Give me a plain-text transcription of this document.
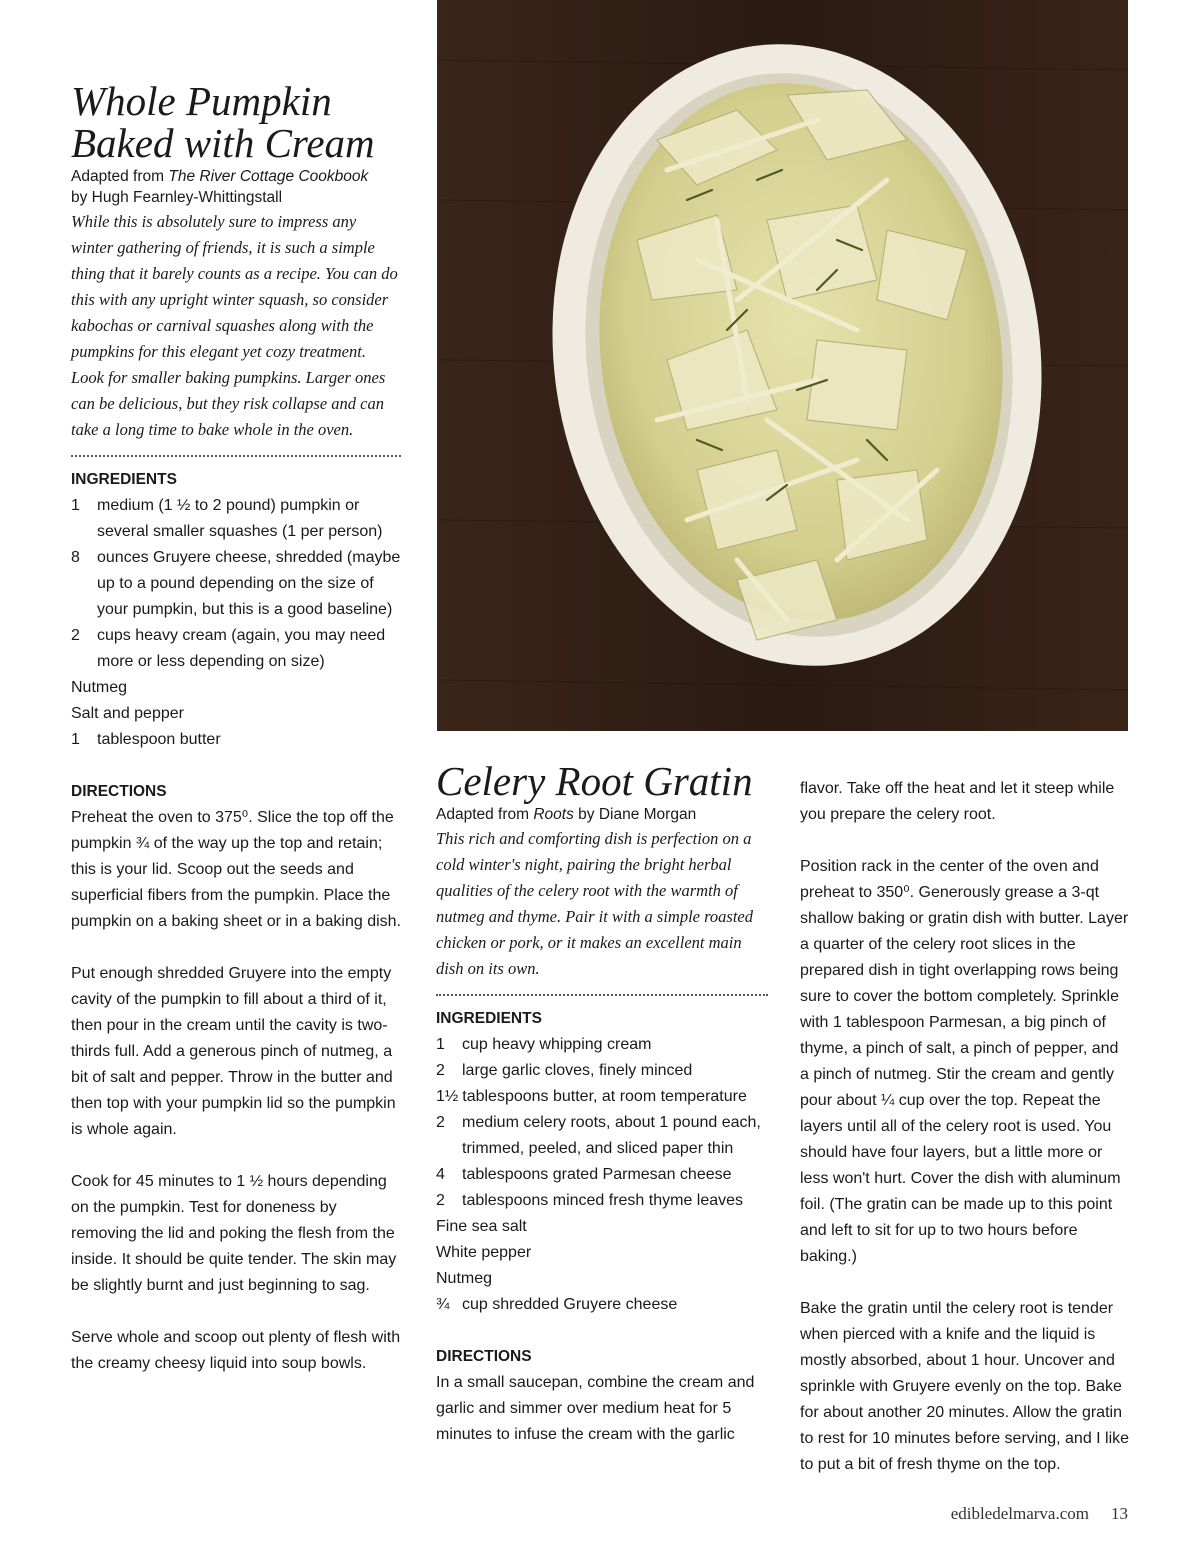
Whole Pumpkin
Baked with Cream
Adapted from The River Cottage Cookbook
by Hugh Fearnley-Whittingstall

While this is absolutely sure to impress any winter gathering of friends, it is such a simple thing that it barely counts as a recipe. You can do this with any upright winter squash, so consider kabochas or carnival squashes along with the pumpkins for this elegant yet cozy treatment. Look for smaller baking pumpkins. Larger ones can be delicious, but they risk collapse and can take a long time to bake whole in the oven.

INGREDIENTS

1	medium (1 ½ to 2 pound) pumpkin or several smaller squashes (1 per person)
8	ounces Gruyere cheese, shredded (maybe up to a pound depending on the size of your pumpkin, but this is a good baseline)
2	cups heavy cream (again, you may need more or less depending on size)
Nutmeg
Salt and pepper
1	tablespoon butter

DIRECTIONS

Preheat the oven to 375⁰. Slice the top off the pumpkin ¾ of the way up the top and retain; this is your lid. Scoop out the seeds and superficial fibers from the pumpkin. Place the pumpkin on a baking sheet or in a baking dish.

Put enough shredded Gruyere into the empty cavity of the pumpkin to fill about a third of it, then pour in the cream until the cavity is two-thirds full. Add a generous pinch of nutmeg, a bit of salt and pepper. Throw in the butter and then top with your pumpkin lid so the pumpkin is whole again.

Cook for 45 minutes to 1 ½ hours depending on the pumpkin. Test for doneness by removing the lid and poking the flesh from the inside. It should be quite tender. The skin may be slightly burnt and just beginning to sag.

Serve whole and scoop out plenty of flesh with the creamy cheesy liquid into soup bowls.

Celery Root Gratin
Adapted from Roots by Diane Morgan

This rich and comforting dish is perfection on a cold winter's night, pairing the bright herbal qualities of the celery root with the warmth of nutmeg and thyme. Pair it with a simple roasted chicken or pork, or it makes an excellent main dish on its own.

INGREDIENTS

1	cup heavy whipping cream
2	large garlic cloves, finely minced
1½ tablespoons butter, at room temperature
2	medium celery roots, about 1 pound each, trimmed, peeled, and sliced paper thin
4	tablespoons grated Parmesan cheese
2	tablespoons minced fresh thyme leaves
Fine sea salt
White pepper
Nutmeg
¾ cup shredded Gruyere cheese

DIRECTIONS

In a small saucepan, combine the cream and garlic and simmer over medium heat for 5 minutes to infuse the cream with the garlic

flavor. Take off the heat and let it steep while you prepare the celery root.

Position rack in the center of the oven and preheat to 350⁰. Generously grease a 3-qt shallow baking or gratin dish with butter. Layer a quarter of the celery root slices in the prepared dish in tight overlapping rows being sure to cover the bottom completely. Sprinkle with 1 tablespoon Parmesan, a big pinch of thyme, a pinch of salt, a pinch of pepper, and a pinch of nutmeg. Stir the cream and gently pour about ¼ cup over the top. Repeat the layers until all of the celery root is used. You should have four layers, but a little more or less won't hurt. Cover the dish with aluminum foil. (The gratin can be made up to this point and left to sit for up to two hours before baking.)

Bake the gratin until the celery root is tender when pierced with a knife and the liquid is mostly absorbed, about 1 hour. Uncover and sprinkle with Gruyere evenly on the top. Bake for about another 20 minutes. Allow the gratin to rest for 10 minutes before serving, and I like to put a bit of fresh thyme on the top.

edibledelmarva.com 13
